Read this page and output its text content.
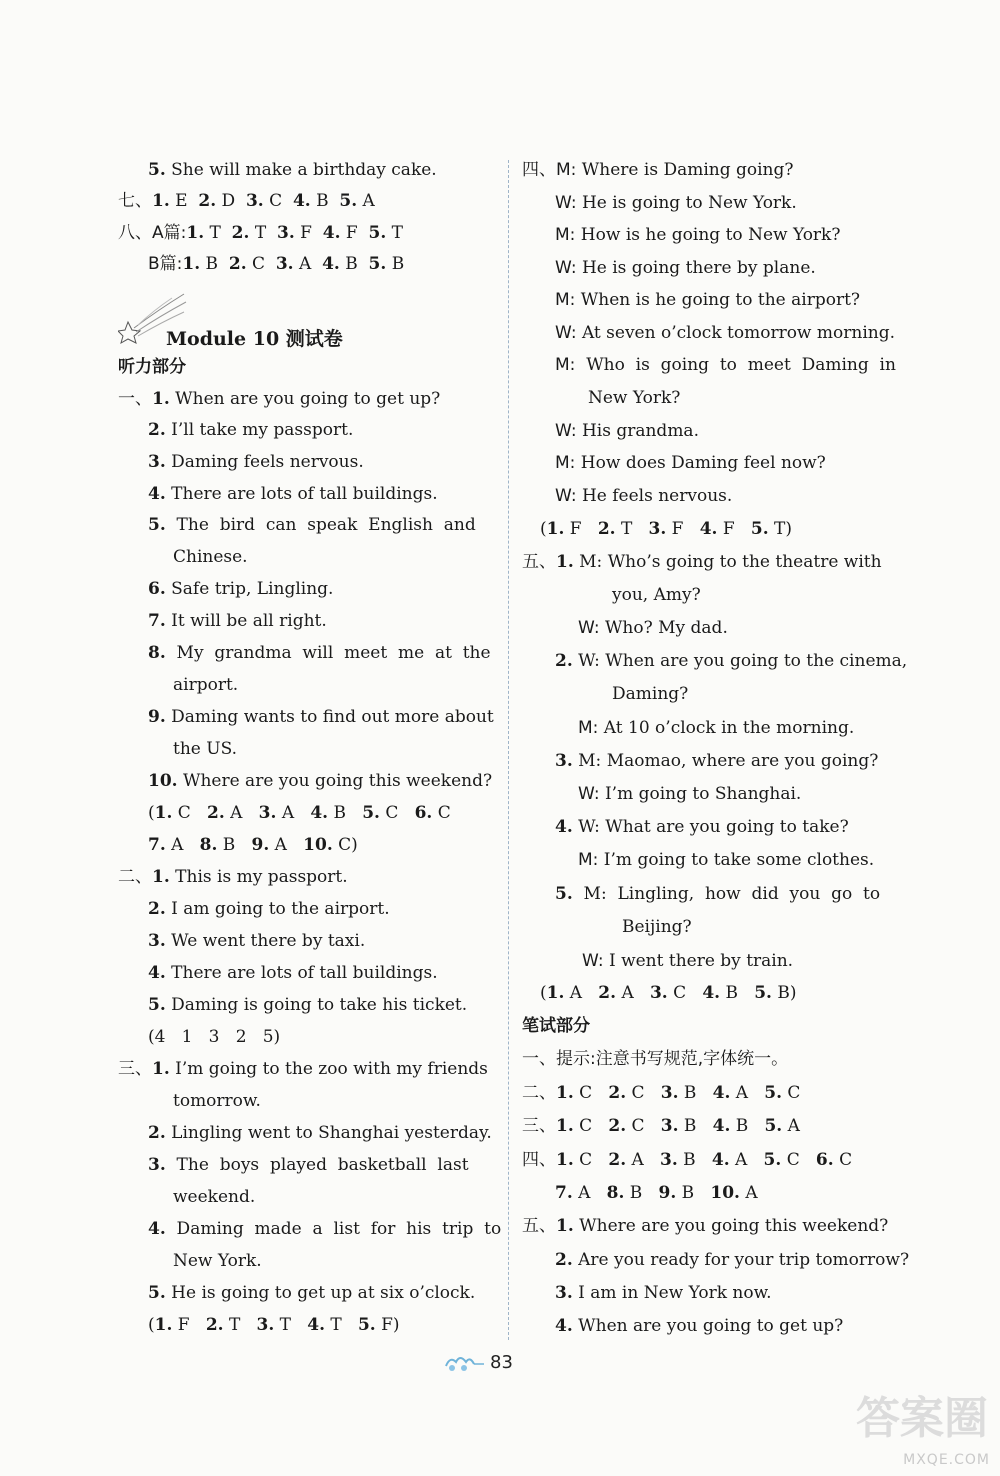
5. She will make a birthday cake.
七、1. E  2. D  3. C  4. B  5. A
八、A篇:1. T  2. T  3. F  4. F  5. T
B篇:1. B  2. C  3. A  4. B  5. B
听力部分
一、1. When are you going to get up?
2. I’ll take my passport.
3. Daming feels nervous.
4. There are lots of tall buildings.
5.  The  bird  can  speak  English  and
Chinese.
6. Safe trip, Lingling.
7. It will be all right.
8.  My  grandma  will  meet  me  at  the
airport.
9. Daming wants to find out more about
the US.
10. Where are you going this weekend?
(1. C   2. A   3. A   4. B   5. C   6. C
7. A   8. B   9. A   10. C)
二、1. This is my passport.
2. I am going to the airport.
3. We went there by taxi.
4. There are lots of tall buildings.
5. Daming is going to take his ticket.
(4   1   3   2   5)
三、1. I’m going to the zoo with my friends
tomorrow.
2. Lingling went to Shanghai yesterday.
3.  The  boys  played  basketball  last
weekend.
4.  Daming  made  a  list  for  his  trip  to
New York.
5. He is going to get up at six o’clock.
(1. F   2. T   3. T   4. T   5. F)
四、M: Where is Daming going?
W: He is going to New York.
M: How is he going to New York?
W: He is going there by plane.
M: When is he going to the airport?
W: At seven o’clock tomorrow morning.
M:  Who  is  going  to  meet  Daming  in
New York?
W: His grandma.
M: How does Daming feel now?
W: He feels nervous.
(1. F   2. T   3. F   4. F   5. T)
五、1. M: Who’s going to the theatre with
you, Amy?
W: Who? My dad.
2. W: When are you going to the cinema,
Daming?
M: At 10 o’clock in the morning.
3. M: Maomao, where are you going?
W: I’m going to Shanghai.
4. W: What are you going to take?
M: I’m going to take some clothes.
5.  M:  Lingling,  how  did  you  go  to
Beijing?
W: I went there by train.
(1. A   2. A   3. C   4. B   5. B)
笔试部分
一、提示:注意书写规范,字体统一。
二、1. C   2. C   3. B   4. A   5. C
三、1. C   2. C   3. B   4. B   5. A
四、1. C   2. A   3. B   4. A   5. C   6. C
7. A   8. B   9. B   10. A
五、1. Where are you going this weekend?
2. Are you ready for your trip tomorrow?
3. I am in New York now.
4. When are you going to get up?
Module 10 测试卷
83
答案圈
MXQE.COM
